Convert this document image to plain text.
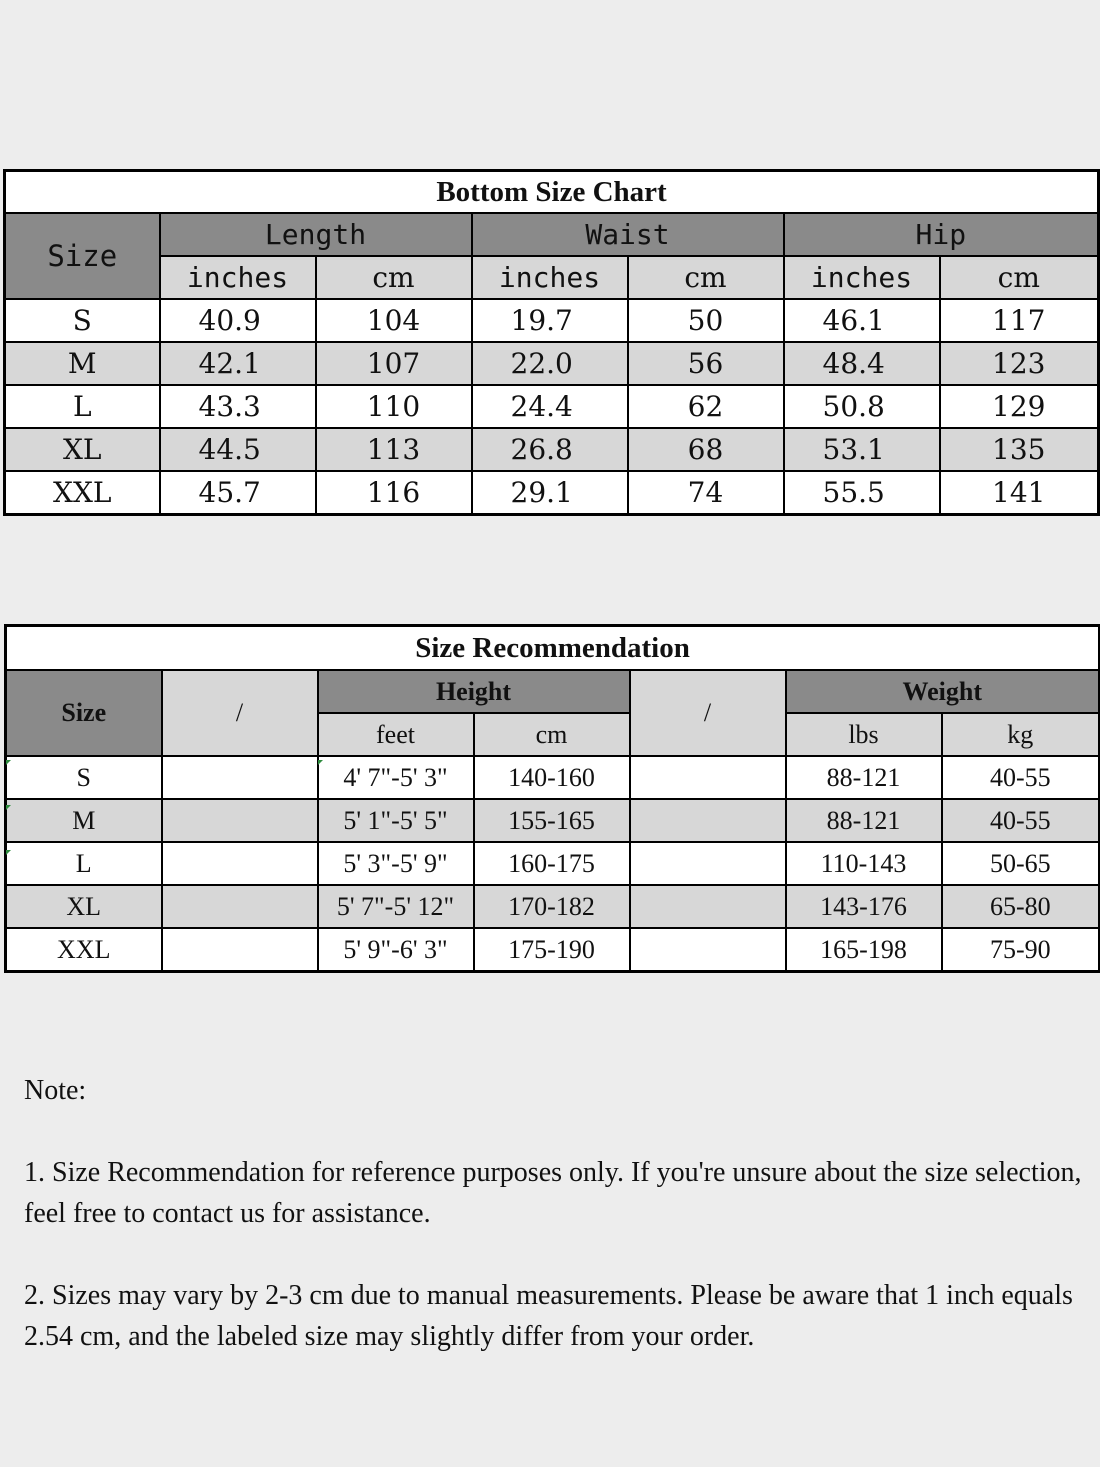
Bottom Size Chart						
Size	Length		Waist		Hip	
	inches	cm	inches	cm	inches	cm
S	40.9	104	19.7	50	46.1	117
M	42.1	107	22.0	56	48.4	123
L	43.3	110	24.4	62	50.8	129
XL	44.5	113	26.8	68	53.1	135
XXL	45.7	116	29.1	74	55.5	141
Size Recommendation						
Size	/	Height		/	Weight	
		feet	cm		lbs	kg
S		4' 7"-5' 3"	140-160		88-121	40-55
M		5' 1"-5' 5"	155-165		88-121	40-55
L		5' 3"-5' 9"	160-175		110-143	50-65
XL		5' 7"-5' 12"	170-182		143-176	65-80
XXL		5' 9"-6' 3"	175-190		165-198	75-90

Note:

1. Size Recommendation for reference purposes only. If you're unsure about the size selection, feel free to contact us for assistance.

2. Sizes may vary by 2-3 cm due to manual measurements. Please be aware that 1 inch equals 2.54 cm, and the labeled size may slightly differ from your order.
